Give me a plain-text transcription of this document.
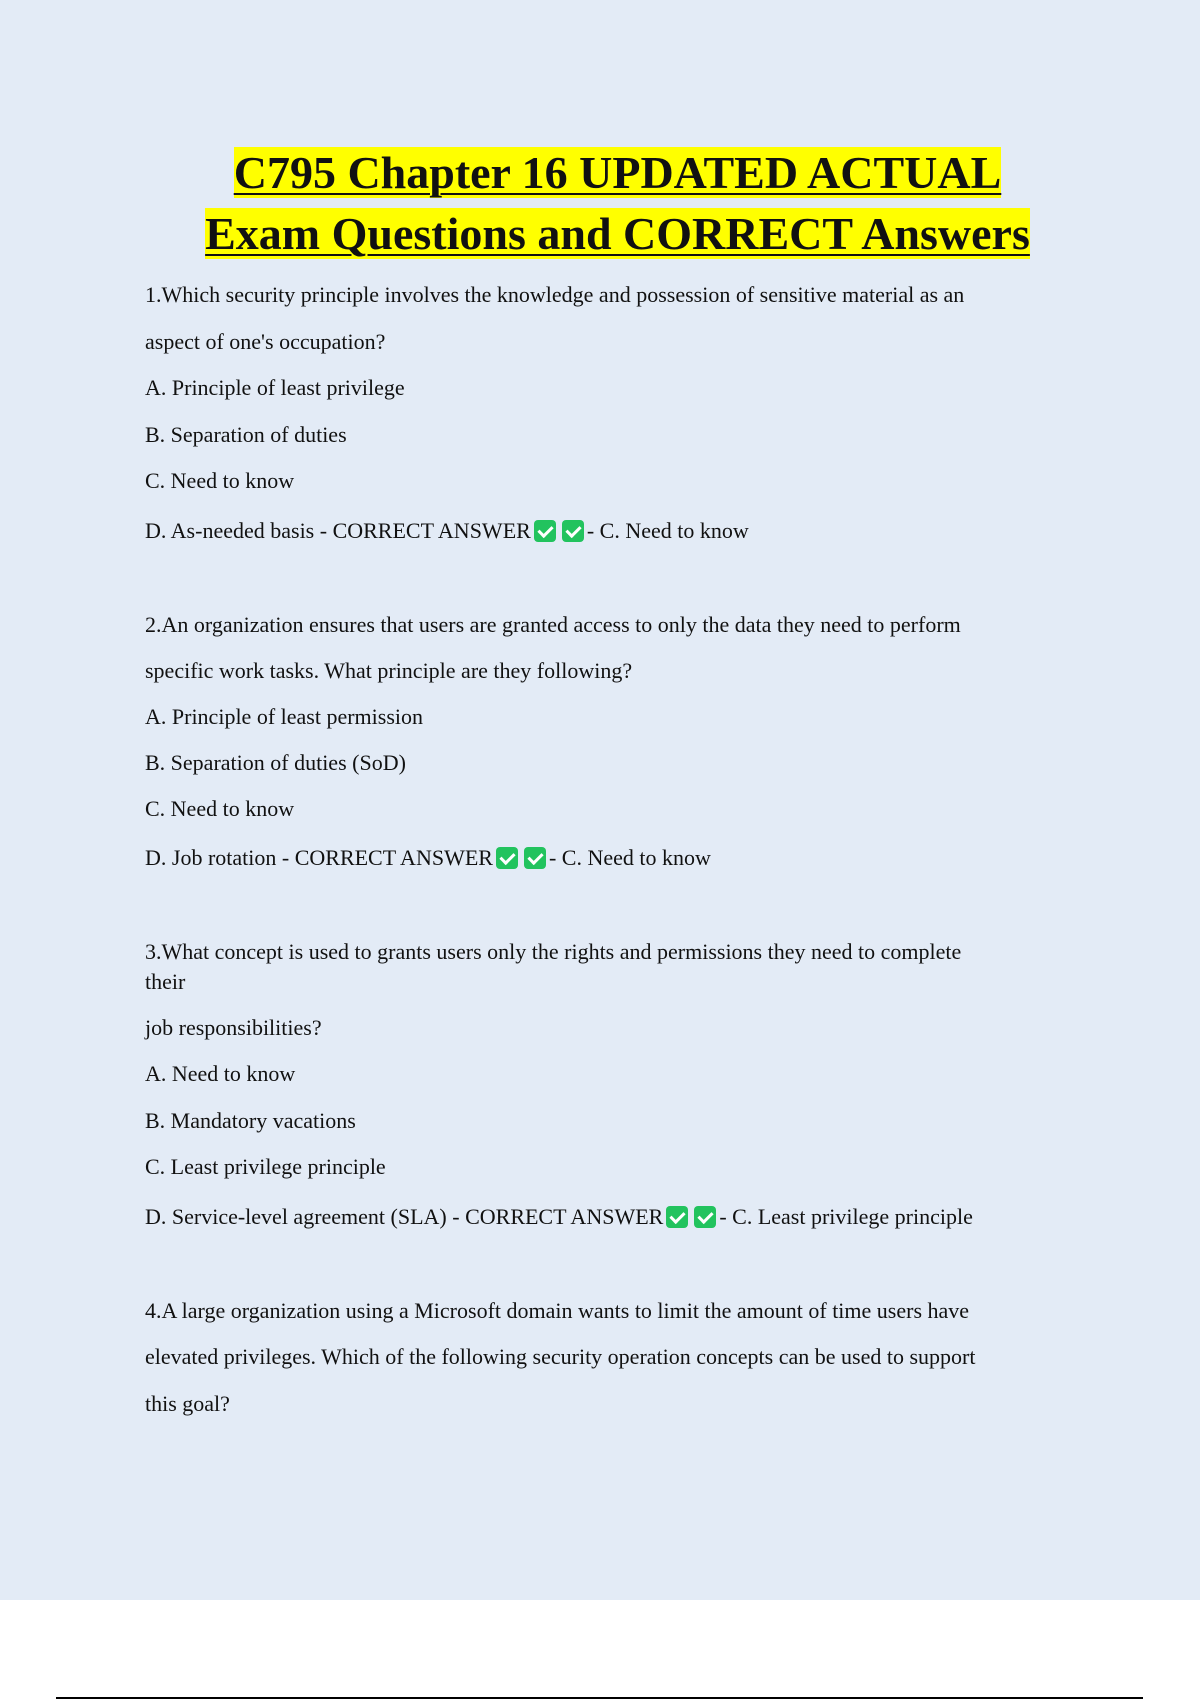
C795 Chapter 16 UPDATED ACTUAL
Exam Questions and CORRECT Answers
1.Which security principle involves the knowledge and possession of sensitive material as an
aspect of one's occupation?
A. Principle of least privilege
B. Separation of duties
C. Need to know
D. As-needed basis - CORRECT ANSWER	- C. Need to know
2.An organization ensures that users are granted access to only the data they need to perform
specific work tasks. What principle are they following?
A. Principle of least permission
B. Separation of duties (SoD)
C. Need to know
D. Job rotation - CORRECT ANSWER	- C. Need to know
3.What concept is used to grants users only the rights and permissions they need to complete
their
job responsibilities?
A. Need to know
B. Mandatory vacations
C. Least privilege principle
D. Service-level agreement (SLA) - CORRECT ANSWER	- C. Least privilege principle
4.A large organization using a Microsoft domain wants to limit the amount of time users have
elevated privileges. Which of the following security operation concepts can be used to support
this goal?
